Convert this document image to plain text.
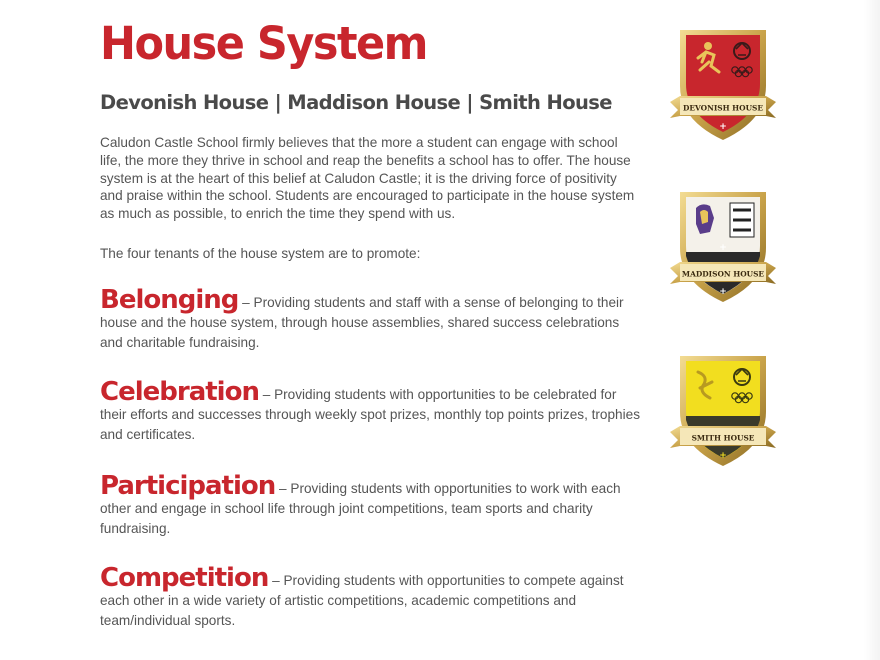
House System
Devonish House | Maddison House | Smith House

Caludon Castle School firmly believes that the more a student can engage with school life, the more they thrive in school and reap the benefits a school has to offer. The house system is at the heart of this belief at Caludon Castle; it is the driving force of positivity and praise within the school. Students are encouraged to participate in the house system as much as possible, to enrich the time they spend with us.

The four tenants of the house system are to promote:

Belonging – Providing students and staff with a sense of belonging to their house and the house system, through house assemblies, shared success celebrations and charitable fundraising.

Celebration – Providing students with opportunities to be celebrated for their efforts and successes through weekly spot prizes, monthly top points prizes, trophies and certificates.

Participation – Providing students with opportunities to work with each other and engage in school life through joint competitions, team sports and charity fundraising.

Competition – Providing students with opportunities to compete against each other in a wide variety of artistic competitions, academic competitions and team/individual sports.

DEVONISH HOUSE
+
+
MADDISON HOUSE
+
+
SMITH HOUSE
+
